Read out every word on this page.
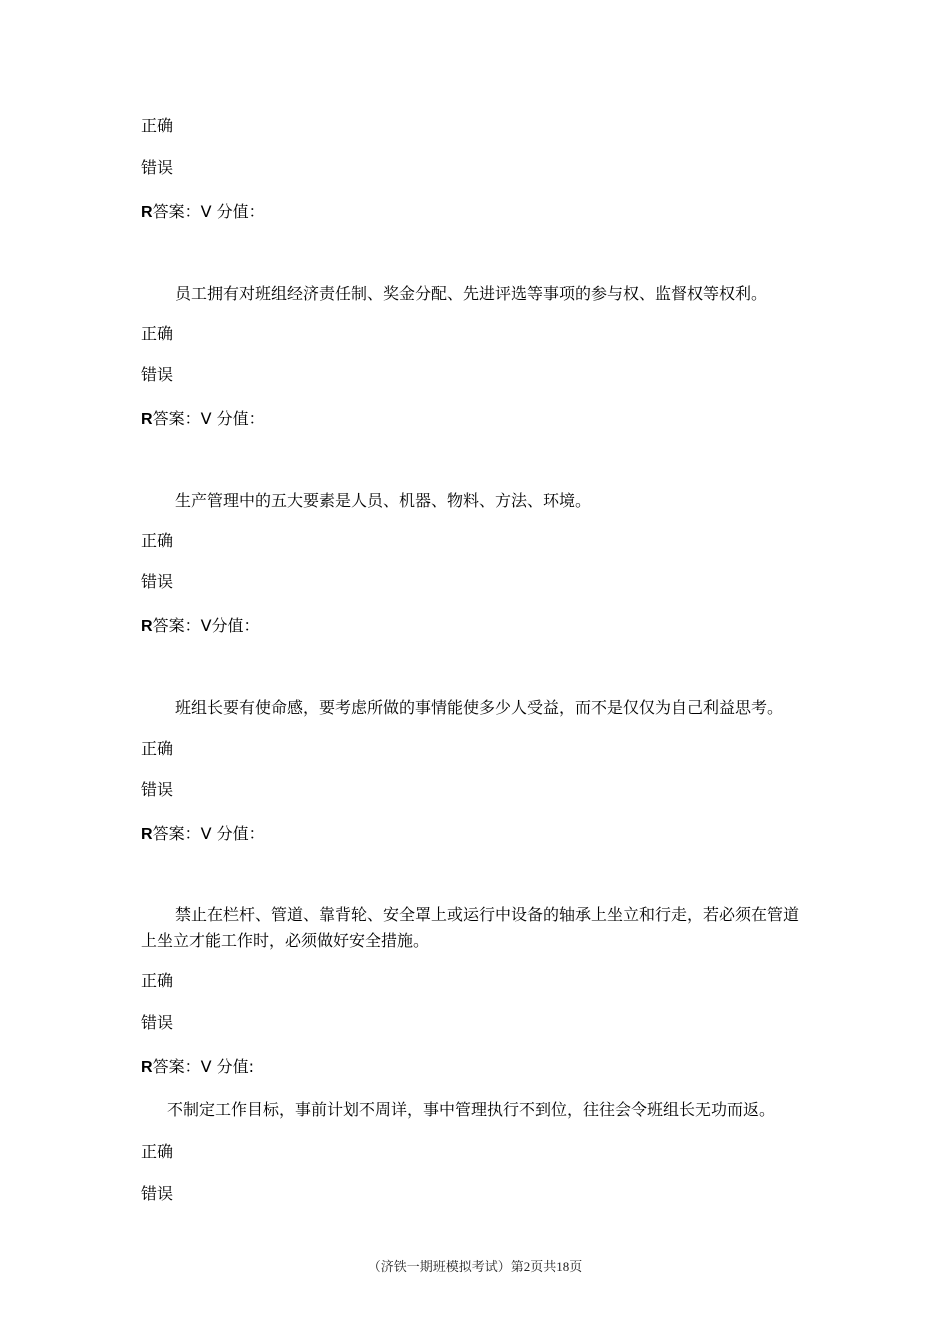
正确
错误
R答案：V 分值：
员工拥有对班组经济责任制、奖金分配、先进评选等事项的参与权、监督权等权利。
正确
错误
R答案：V 分值：
生产管理中的五大要素是人员、机器、物料、方法、环境。
正确
错误
R答案：V分值：
班组长要有使命感，要考虑所做的事情能使多少人受益，而不是仅仅为自己利益思考。
正确
错误
R答案：V 分值：
禁止在栏杆、管道、靠背轮、安全罩上或运行中设备的轴承上坐立和行走，若必须在管道上坐立才能工作时，必须做好安全措施。
正确
错误
R答案：V 分值:
不制定工作目标，事前计划不周详，事中管理执行不到位，往往会令班组长无功而返。
正确
错误
（济铁一期班模拟考试）第2页共18页
